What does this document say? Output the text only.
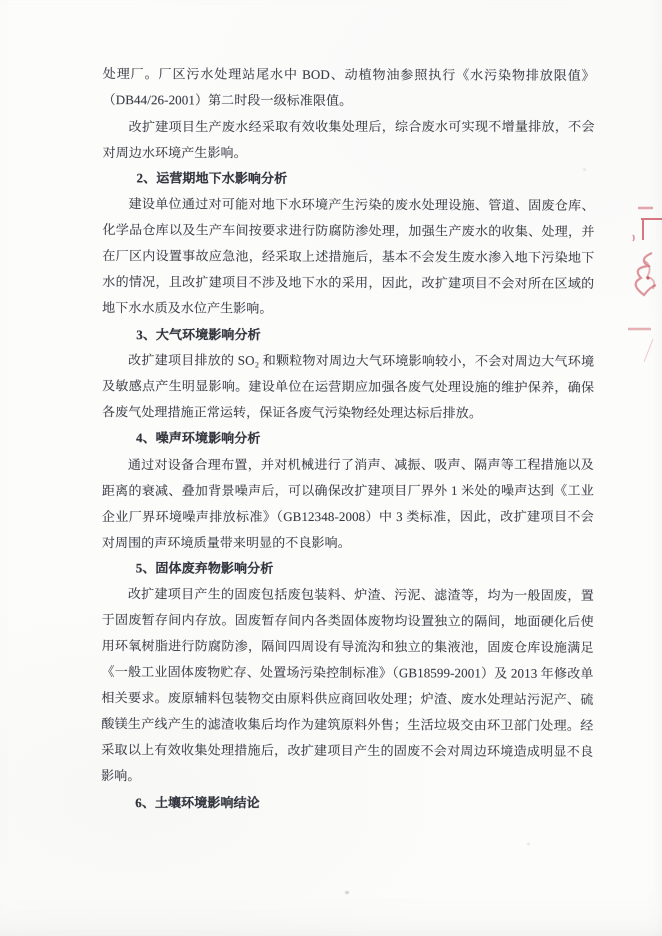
处理厂。厂区污水处理站尾水中 BOD、动植物油参照执行《水污染物排放限值》（DB44/26-2001）第二时段一级标准限值。

改扩建项目生产废水经采取有效收集处理后，综合废水可实现不增量排放，不会对周边水环境产生影响。

2、运营期地下水影响分析

建设单位通过对可能对地下水环境产生污染的废水处理设施、管道、固废仓库、化学品仓库以及生产车间按要求进行防腐防渗处理，加强生产废水的收集、处理，并在厂区内设置事故应急池，经采取上述措施后，基本不会发生废水渗入地下污染地下水的情况，且改扩建项目不涉及地下水的采用，因此，改扩建项目不会对所在区域的地下水水质及水位产生影响。

3、大气环境影响分析

改扩建项目排放的 SO₂ 和颗粒物对周边大气环境影响较小，不会对周边大气环境及敏感点产生明显影响。建设单位在运营期应加强各废气处理设施的维护保养，确保各废气处理措施正常运转，保证各废气污染物经处理达标后排放。

4、噪声环境影响分析

通过对设备合理布置，并对机械进行了消声、减振、吸声、隔声等工程措施以及距离的衰减、叠加背景噪声后，可以确保改扩建项目厂界外 1 米处的噪声达到《工业企业厂界环境噪声排放标准》（GB12348-2008）中 3 类标准，因此，改扩建项目不会对周围的声环境质量带来明显的不良影响。

5、固体废弃物影响分析

改扩建项目产生的固废包括废包装料、炉渣、污泥、滤渣等，均为一般固废，置于固废暂存间内存放。固废暂存间内各类固体废物均设置独立的隔间，地面硬化后使用环氧树脂进行防腐防渗，隔间四周设有导流沟和独立的集液池，固废仓库设施满足《一般工业固体废物贮存、处置场污染控制标准》（GB18599-2001）及 2013 年修改单相关要求。废原辅料包装物交由原料供应商回收处理；炉渣、废水处理站污泥产、硫酸镁生产线产生的滤渣收集后均作为建筑原料外售；生活垃圾交由环卫部门处理。经采取以上有效收集处理措施后，改扩建项目产生的固废不会对周边环境造成明显不良影响。

6、土壤环境影响结论
